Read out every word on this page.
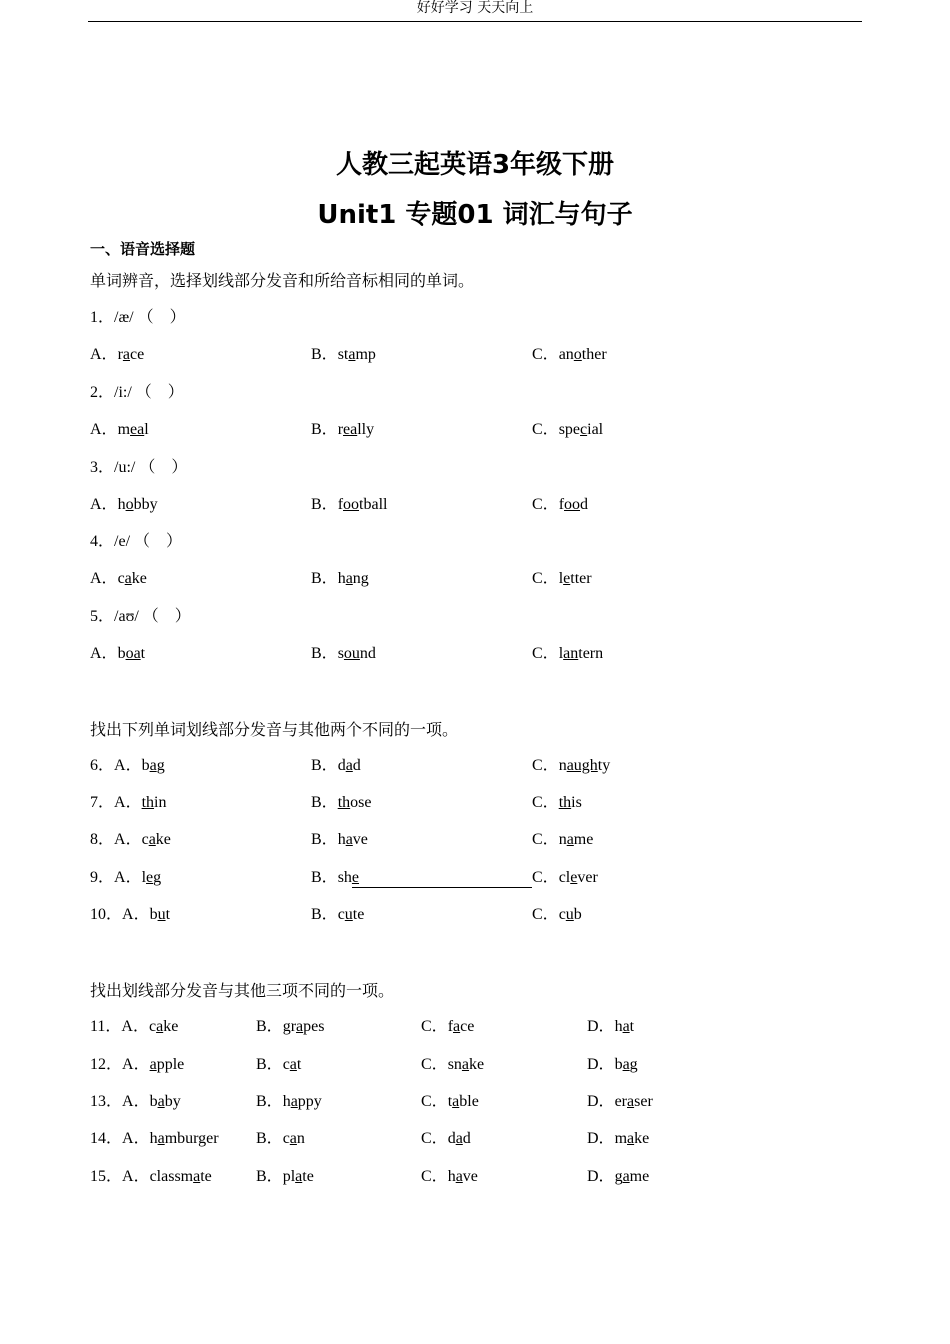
好好学习 天天向上
人教三起英语3年级下册
Unit1 专题01 词汇与句子
一、语音选择题
单词辨音，选择划线部分发音和所给音标相同的单词。
1．/æ/ （　）
A．race	B．stamp	C．another
2．/i:/ （　）
A．meal	B．really	C．special
3．/u:/ （　）
A．hobby	B．football	C．food
4．/e/ （　）
A．cake	B．hang	C．letter
5．/aʊ/ （　）
A．boat	B．sound	C．lantern
找出下列单词划线部分发音与其他两个不同的一项。
6．A．bag	B．dad	C．naughty
7．A．thin	B．those	C．this
8．A．cake	B．have	C．name
9．A．leg	B．she	C．clever
10．A．but	B．cute	C．cub
找出划线部分发音与其他三项不同的一项。
11．A．cake	B．grapes	C．face	D．hat
12．A．apple	B．cat	C．snake	D．bag
13．A．baby	B．happy	C．table	D．eraser
14．A．hamburger B．can	C．dad	D．make
15．A．classmate	B．plate	C．have	D．game
